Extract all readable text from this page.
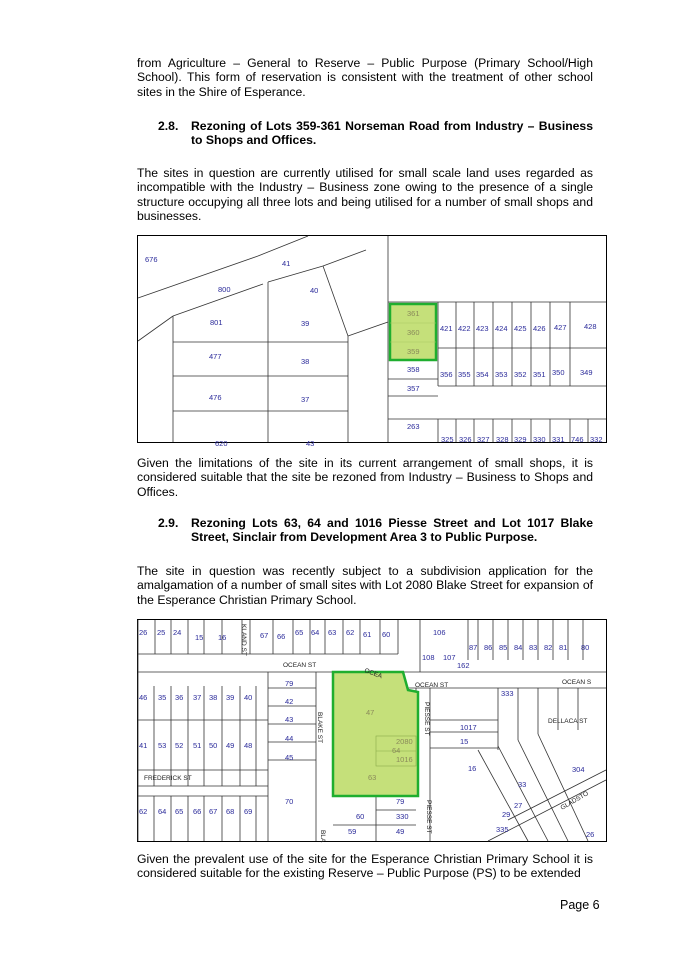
from Agriculture – General to Reserve – Public Purpose (Primary School/High School). This form of reservation is consistent with the treatment of other school sites in the Shire of Esperance.

2.8. Rezoning of Lots 359-361 Norseman Road from Industry – Business to Shops and Offices.

The sites in question are currently utilised for small scale land uses regarded as incompatible with the Industry – Business zone owing to the presence of a single structure occupying all three lots and being utilised for a number of small shops and businesses.

676	41
800	40
801	39
477
38
476	37
361
360
359
358
357
263
421 422 423 424 425 426 427 428
356 355 354 353 352 351 350 349
325 326 327 328 329 330 331 746 332
620	43

Given the limitations of the site in its current arrangement of small shops, it is considered suitable that the site be rezoned from Industry – Business to Shops and Offices.

2.9. Rezoning Lots 63, 64 and 1016 Piesse Street and Lot 1017 Blake Street, Sinclair from Development Area 3 to Public Purpose.

The site in question was recently subject to a subdivision application for the amalgamation of a number of small sites with Lot 2080 Blake Street for expansion of the Esperance Christian Primary School.

OCEAN ST
OCEAN ST	OCEAN S
OCEA
BLAKE ST	PIESSE ST
PIESSE ST
FREDERICK ST
DELLACA ST
GLADSTO
KLAND ST
BLA
26 25 24
15 16	67 66 65 64 63 62 61 60	106
108 107
162
87 86 85 84 83 82 81 80
79
42
43
44
45
46 35 36 37 38 39 40
41 53 52 51 50 49 48
47
2080
64
1016
63
1017
15
16
333
304
33
29
27
335
26
62 64 65 66 67 68 69
70	79
60	330
59	49

Given the prevalent use of the site for the Esperance Christian Primary School it is considered suitable for the existing Reserve – Public Purpose (PS) to be extended

Page 6
